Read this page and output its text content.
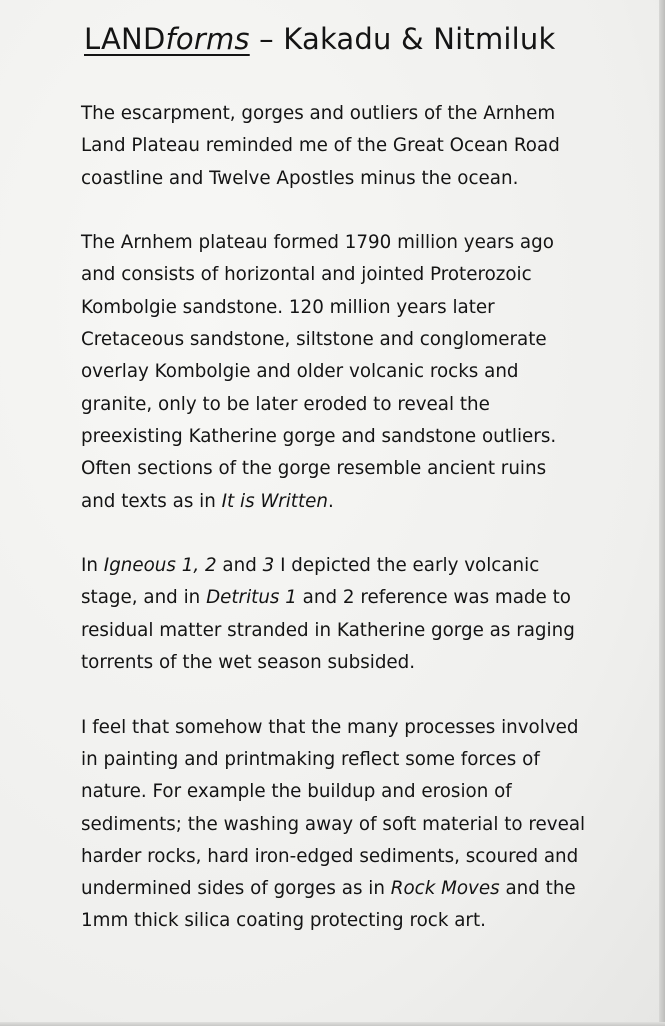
LANDforms – Kakadu & Nitmiluk

The escarpment, gorges and outliers of the Arnhem
Land Plateau reminded me of the Great Ocean Road
coastline and Twelve Apostles minus the ocean.

The Arnhem plateau formed 1790 million years ago
and consists of horizontal and jointed Proterozoic
Kombolgie sandstone. 120 million years later
Cretaceous sandstone, siltstone and conglomerate
overlay Kombolgie and older volcanic rocks and
granite, only to be later eroded to reveal the
preexisting Katherine gorge and sandstone outliers.
Often sections of the gorge resemble ancient ruins
and texts as in It is Written.

In Igneous 1, 2 and 3 I depicted the early volcanic
stage, and in Detritus 1 and 2 reference was made to
residual matter stranded in Katherine gorge as raging
torrents of the wet season subsided.

I feel that somehow that the many processes involved
in painting and printmaking reflect some forces of
nature. For example the buildup and erosion of
sediments; the washing away of soft material to reveal
harder rocks, hard iron-edged sediments, scoured and
undermined sides of gorges as in Rock Moves and the
1mm thick silica coating protecting rock art.
